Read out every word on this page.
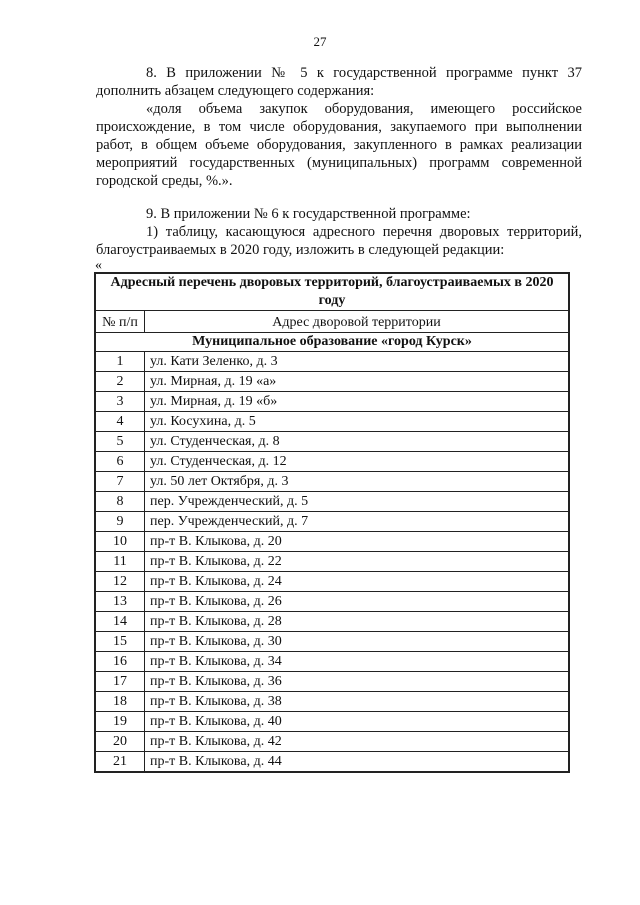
27

8. В приложении № 5 к государственной программе пункт 37 дополнить абзацем следующего содержания:

«доля объема закупок оборудования, имеющего российское происхождение, в том числе оборудования, закупаемого при выполнении работ, в общем объеме оборудования, закупленного в рамках реализации мероприятий государственных (муниципальных) программ современной городской среды, %.».

9. В приложении № 6 к государственной программе:

1) таблицу, касающуюся адресного перечня дворовых территорий, благоустраиваемых в 2020 году, изложить в следующей редакции:

«
Адресный перечень дворовых территорий, благоустраиваемых в 2020 году	
№ п/п	Адрес дворовой территории
Муниципальное образование «город Курск»	
1	ул. Кати Зеленко, д. 3
2	ул. Мирная, д. 19 «а»
3	ул. Мирная, д. 19 «б»
4	ул. Косухина, д. 5
5	ул. Студенческая, д. 8
6	ул. Студенческая, д. 12
7	ул. 50 лет Октября, д. 3
8	пер. Учрежденческий, д. 5
9	пер. Учрежденческий, д. 7
10	пр-т В. Клыкова, д. 20
11	пр-т В. Клыкова, д. 22
12	пр-т В. Клыкова, д. 24
13	пр-т В. Клыкова, д. 26
14	пр-т В. Клыкова, д. 28
15	пр-т В. Клыкова, д. 30
16	пр-т В. Клыкова, д. 34
17	пр-т В. Клыкова, д. 36
18	пр-т В. Клыкова, д. 38
19	пр-т В. Клыкова, д. 40
20	пр-т В. Клыкова, д. 42
21	пр-т В. Клыкова, д. 44
